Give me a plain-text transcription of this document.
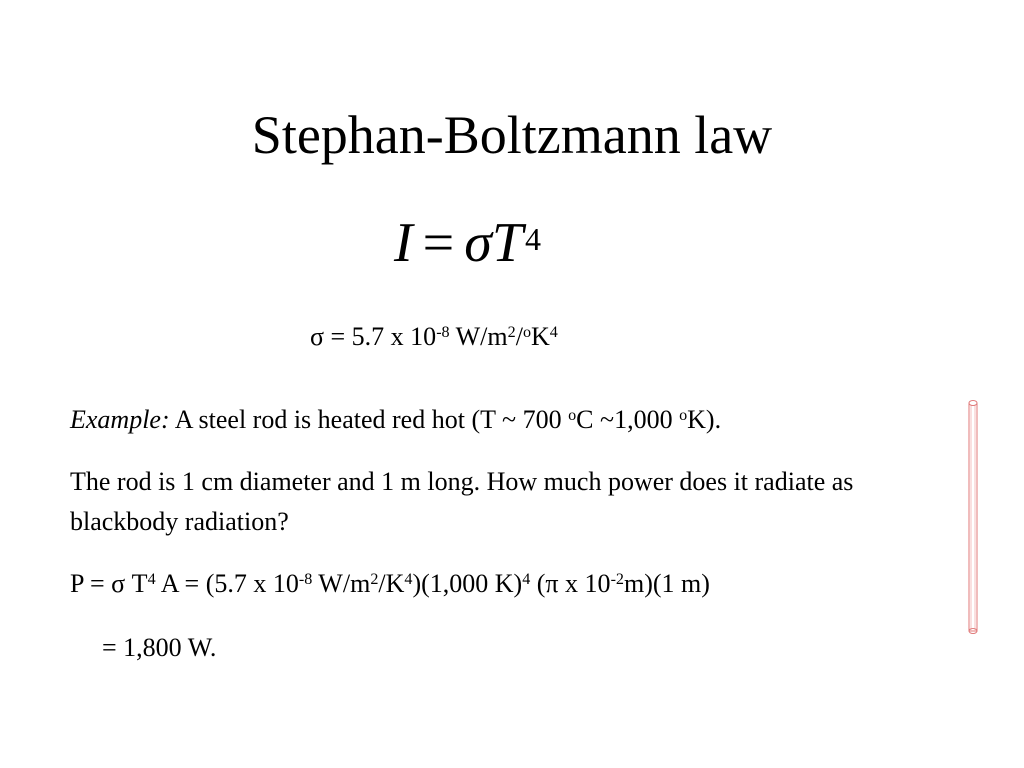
Stephan-Boltzmann law
$I = \sigma T^4$
σ = 5.7 x $10^{-8}$ $W/m^2/^oK^4$
Example: A steel rod is heated red hot (T ~ 700 $^o$C ~1,000 $^o$K).
The rod is 1 cm diameter and 1 m long. How much power does it radiate as blackbody radiation?
P = σ $T^4$ A = (5.7 x $10^{-8}$ $W/m^2/K^4)(1,000$ K)$^4$ (π x $10^{-2}m)(1$ m)
= 1,800 W.
